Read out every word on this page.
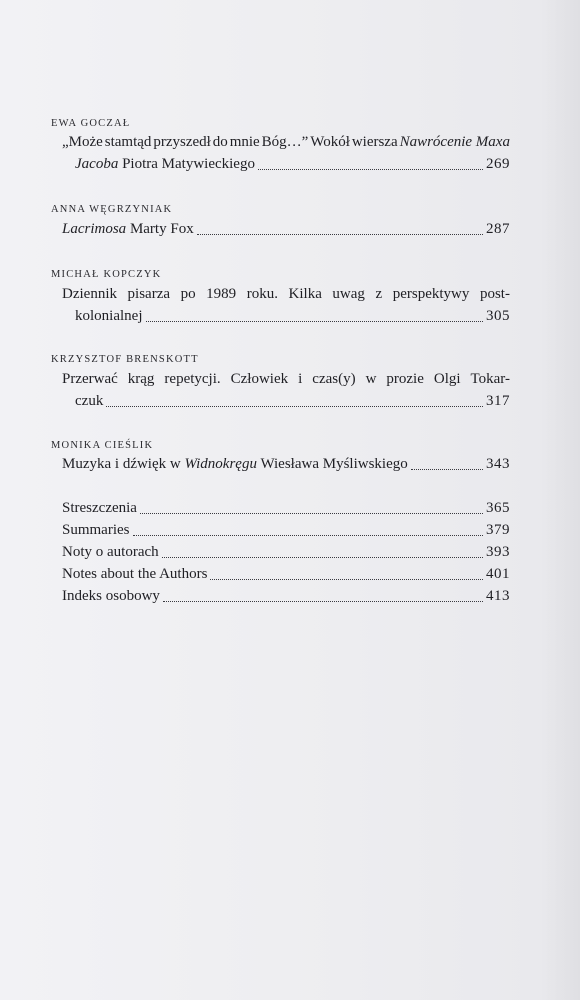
EWA GOCZAŁ
„Może stamtąd przyszedł do mnie Bóg…” Wokół wiersza Nawrócenie Maxa
Jacoba Piotra Matywieckiego	269
ANNA WĘGRZYNIAK
Lacrimosa Marty Fox	287
MICHAŁ KOPCZYK
Dziennik pisarza po 1989 roku. Kilka uwag z perspektywy post-
kolonialnej	305
KRZYSZTOF BRENSKOTT
Przerwać krąg repetycji. Człowiek i czas(y) w prozie Olgi Tokar-
czuk	317
MONIKA CIEŚLIK
Muzyka i dźwięk w Widnokręgu Wiesława Myśliwskiego	343
Streszczenia	365
Summaries	379
Noty o autorach	393
Notes about the Authors	401
Indeks osobowy	413
